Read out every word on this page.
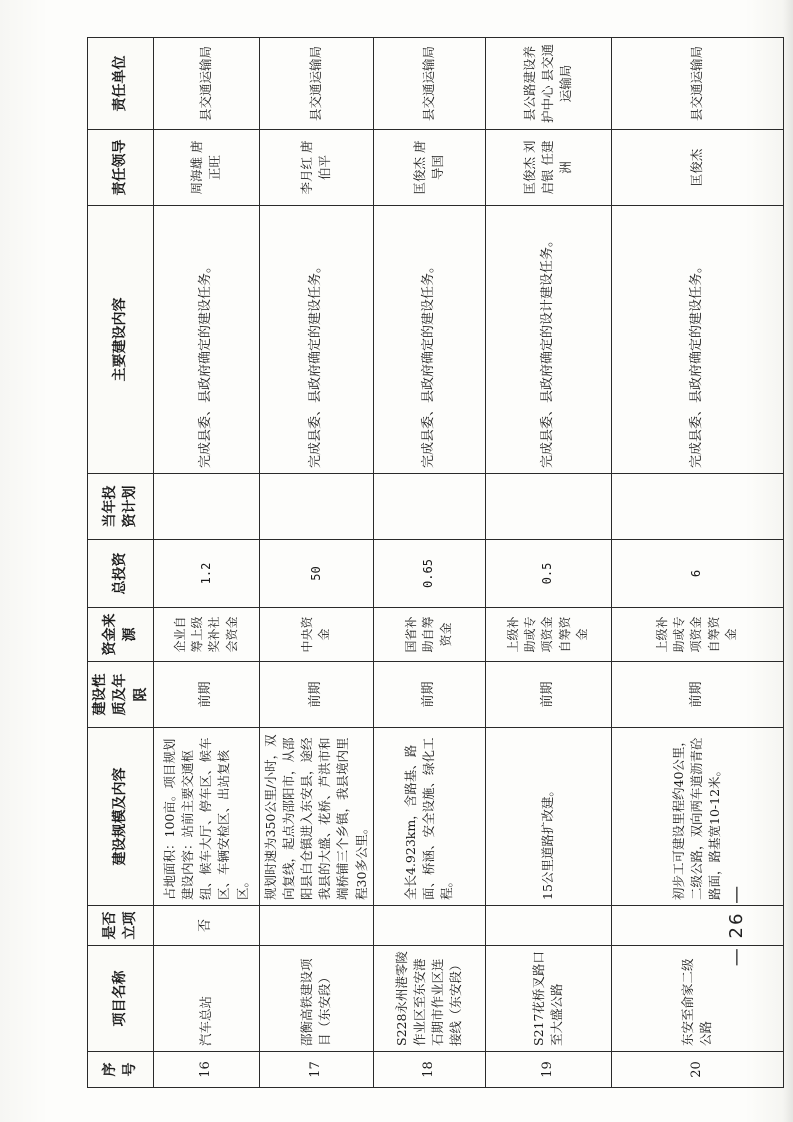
序号	项目名称	是否立项	建设规模及内容	建设性质及年限	资金来源	总投资	当年投资计划	主要建设内容	责任领导	责任单位
16	汽车总站	否	占地面积：100亩。项目规划建设内容：站前主要交通枢纽、候车大厅、停车区、候车区、车辆安检区、出站复核区。	前期	企业自筹上级奖补社会资金	1.2		完成县委、县政府确定的建设任务。	周海雄 唐正旺	县交通运输局
17	邵衡高铁建设项目（东安段）		规划时速为350公里/小时，双向复线，起点为邵阳市，从邵阳县白仓镇进入东安县，途经我县的大盛、花桥、芦洪市和端桥铺三个乡镇，我县境内里程30多公里。	前期	中央资金	50		完成县委、县政府确定的建设任务。	李月红 唐伯平	县交通运输局
18	S228永州港零陵作业区至东安港石期市作业区连接线（东安段）		全长4.923km，含路基、路面、桥涵、安全设施、绿化工程。	前期	国省补助自筹资金	0.65		完成县委、县政府确定的建设任务。	匡俊杰 唐导国	县交通运输局
19	S217花桥叉路口至大盛公路		15公里道路扩改建。	前期	上级补助或专项资金自筹资金	0.5		完成县委、县政府确定的设计建设任务。	匡俊杰 刘启银 任建洲	县公路建设养护中心 县交通运输局
20	东安至俞家二级公路		初步工可建设里程约40公里，二级公路，双向两车道沥青砼路面，路基宽10-12米。	前期	上级补助或专项资金自筹资金	6		完成县委、县政府确定的建设任务。	匡俊杰	县交通运输局
— 26 —
